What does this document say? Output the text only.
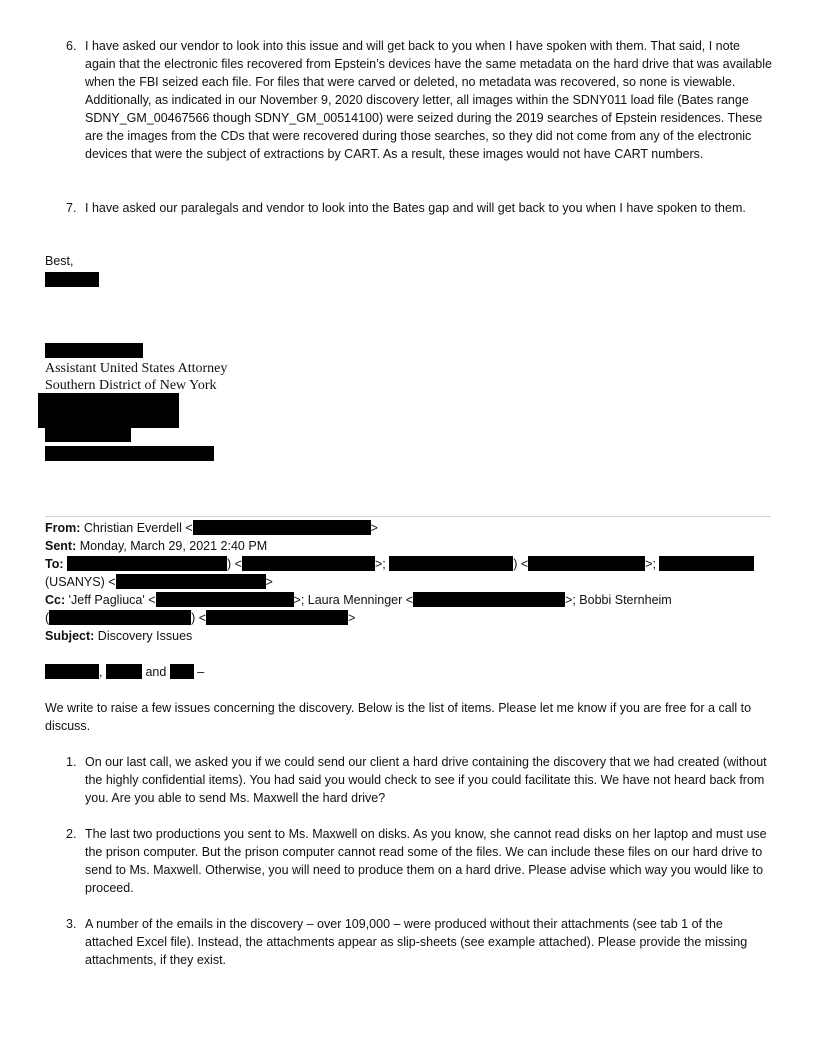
6. I have asked our vendor to look into this issue and will get back to you when I have spoken with them. That said, I note again that the electronic files recovered from Epstein’s devices have the same metadata on the hard drive that was available when the FBI seized each file. For files that were carved or deleted, no metadata was recovered, so none is viewable. Additionally, as indicated in our November 9, 2020 discovery letter, all images within the SDNY011 load file (Bates range SDNY_GM_00467566 though SDNY_GM_00514100) were seized during the 2019 searches of Epstein residences. These are the images from the CDs that were recovered during those searches, so they did not come from any of the electronic devices that were the subject of extractions by CART. As a result, these images would not have CART numbers.
7. I have asked our paralegals and vendor to look into the Bates gap and will get back to you when I have spoken to them.
Best,
Assistant United States Attorney
Southern District of New York
From: Christian Everdell <	>
Sent: Monday, March 29, 2021 2:40 PM
To:	) <	>;	) <	>;
(USANYS) <	>
Cc: 'Jeff Pagliuca' <	>; Laura Menninger <	>; Bobbi Sternheim
(	) <	>
Subject: Discovery Issues
,	and –
We write to raise a few issues concerning the discovery. Below is the list of items. Please let me know if you are free for a call to discuss.
1. On our last call, we asked you if we could send our client a hard drive containing the discovery that we had created (without the highly confidential items). You had said you would check to see if you could facilitate this. We have not heard back from you. Are you able to send Ms. Maxwell the hard drive?
2. The last two productions you sent to Ms. Maxwell on disks. As you know, she cannot read disks on her laptop and must use the prison computer. But the prison computer cannot read some of the files. We can include these files on our hard drive to send to Ms. Maxwell. Otherwise, you will need to produce them on a hard drive. Please advise which way you would like to proceed.
3. A number of the emails in the discovery – over 109,000 – were produced without their attachments (see tab 1 of the attached Excel file). Instead, the attachments appear as slip-sheets (see example attached). Please provide the missing attachments, if they exist.
